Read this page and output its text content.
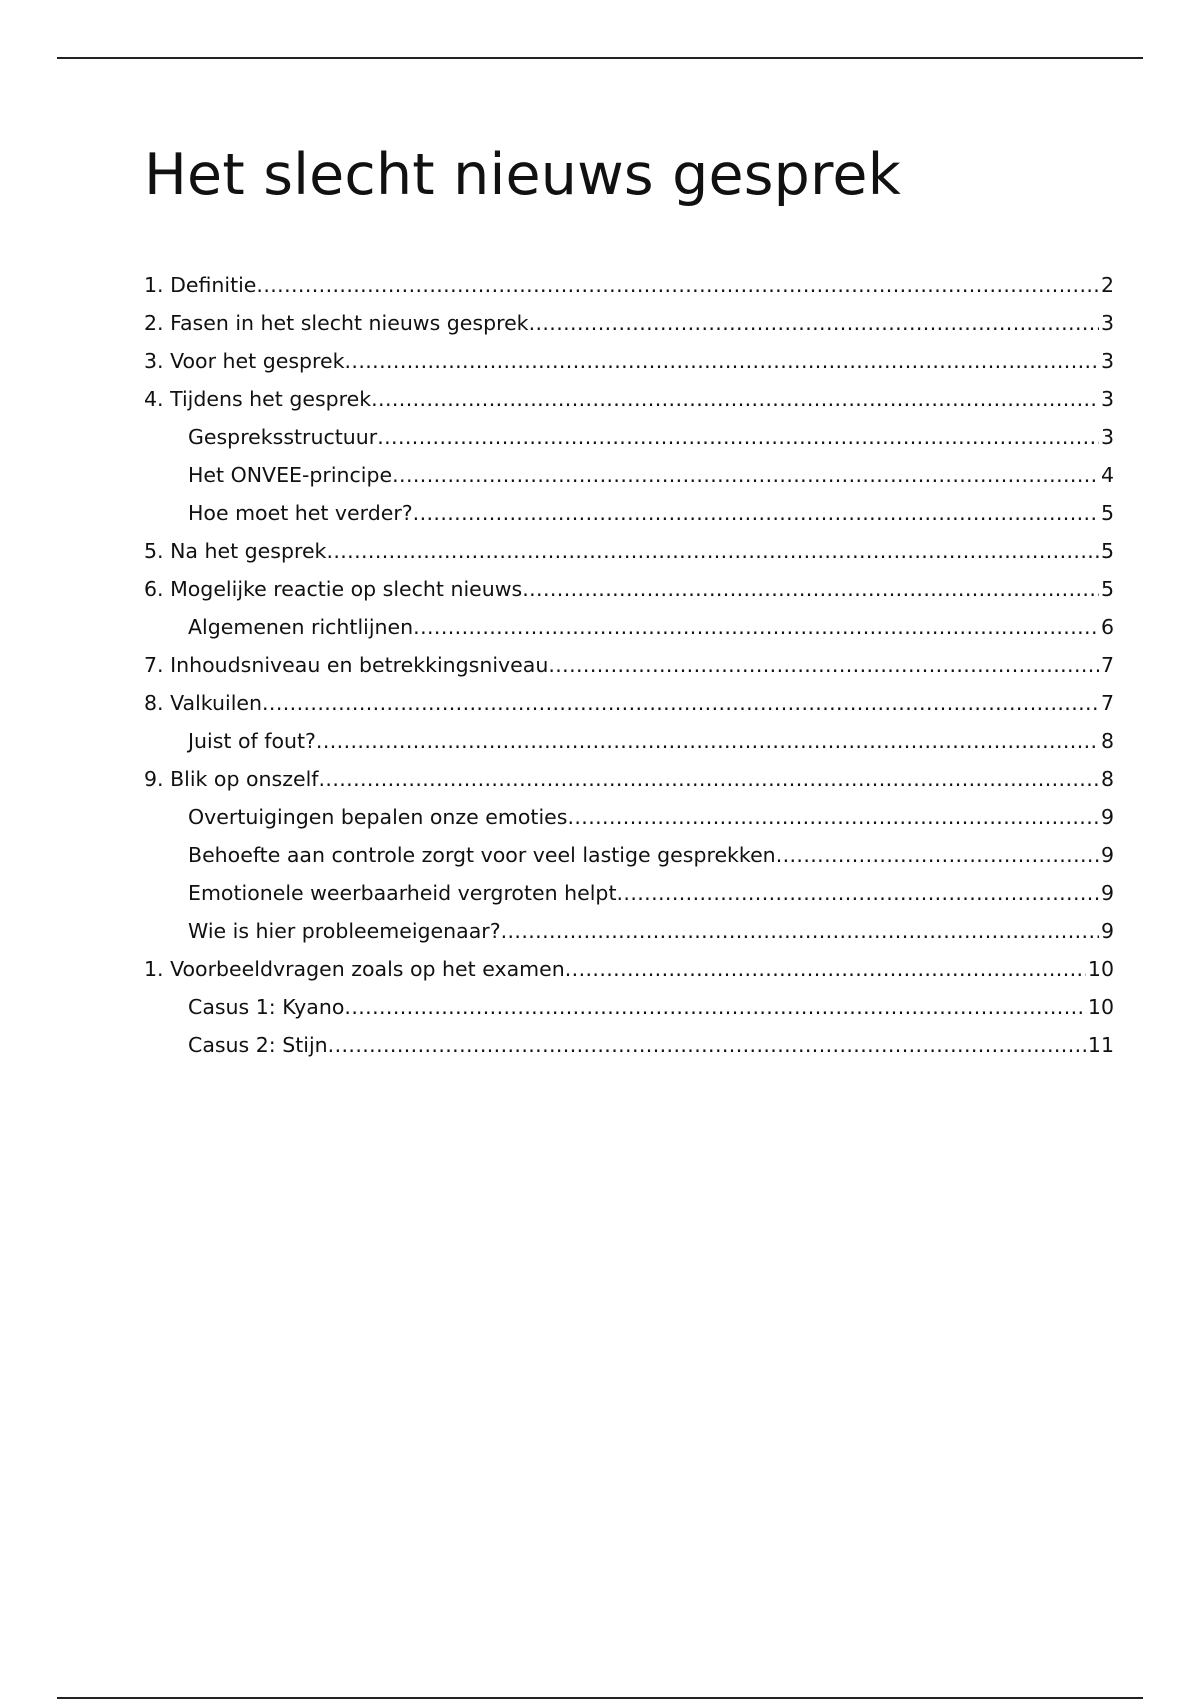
Het slecht nieuws gesprek
1. Definitie .....	2
2. Fasen in het slecht nieuws gesprek .....	3
3. Voor het gesprek .....	3
4. Tijdens het gesprek .....	3
Gespreksstructuur .....	3
Het ONVEE-principe .....	4
Hoe moet het verder? .....	5
5. Na het gesprek .....	5
6. Mogelijke reactie op slecht nieuws .....	5
Algemenen richtlijnen .....	6
7. Inhoudsniveau en betrekkingsniveau .....	7
8. Valkuilen .....	7
Juist of fout? .....	8
9. Blik op onszelf .....	8
Overtuigingen bepalen onze emoties .....	9
Behoefte aan controle zorgt voor veel lastige gesprekken .....	9
Emotionele weerbaarheid vergroten helpt .....	9
Wie is hier probleemeigenaar? .....	9
1. Voorbeeldvragen zoals op het examen .....	10
Casus 1: Kyano .....	10
Casus 2: Stijn .....	11
